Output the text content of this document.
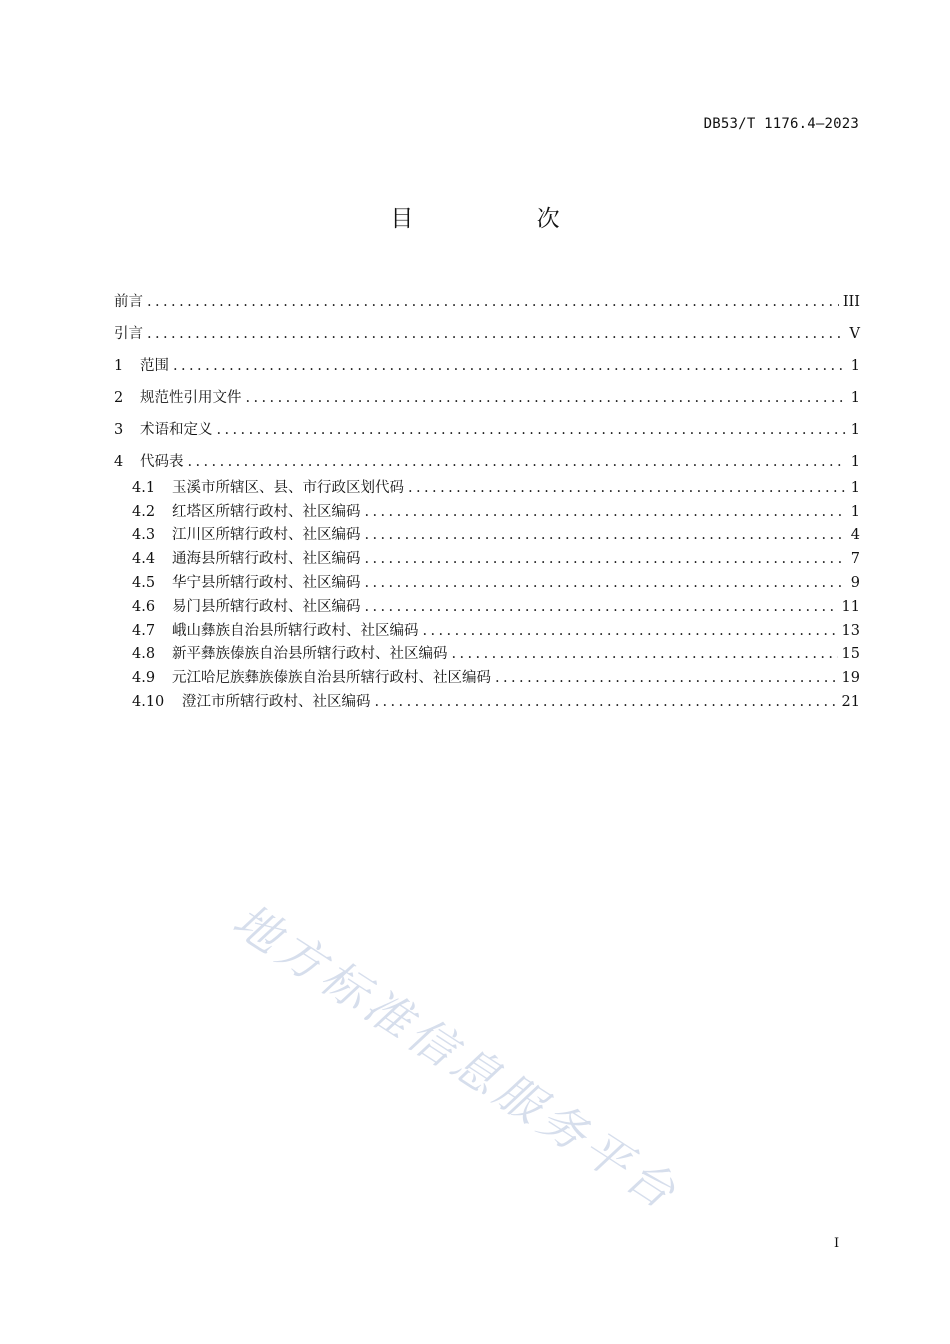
DB53/T 1176.4—2023
目 次
前言 . . .	III
引言 . . .	V
1	范围 . . .	1
2	规范性引用文件 . . .	1
3	术语和定义 . . .	1
4	代码表 . . .	1
4.1	玉溪市所辖区、县、市行政区划代码 . . .	1
4.2	红塔区所辖行政村、社区编码 . . .	1
4.3	江川区所辖行政村、社区编码 . . .	4
4.4	通海县所辖行政村、社区编码 . . .	7
4.5	华宁县所辖行政村、社区编码 . . .	9
4.6	易门县所辖行政村、社区编码 . . .	11
4.7	峨山彝族自治县所辖行政村、社区编码 . . .	13
4.8	新平彝族傣族自治县所辖行政村、社区编码 . . .	15
4.9	元江哈尼族彝族傣族自治县所辖行政村、社区编码 . . .	19
4.10	澄江市所辖行政村、社区编码 . . .	21
地方标准信息服务平台
I
